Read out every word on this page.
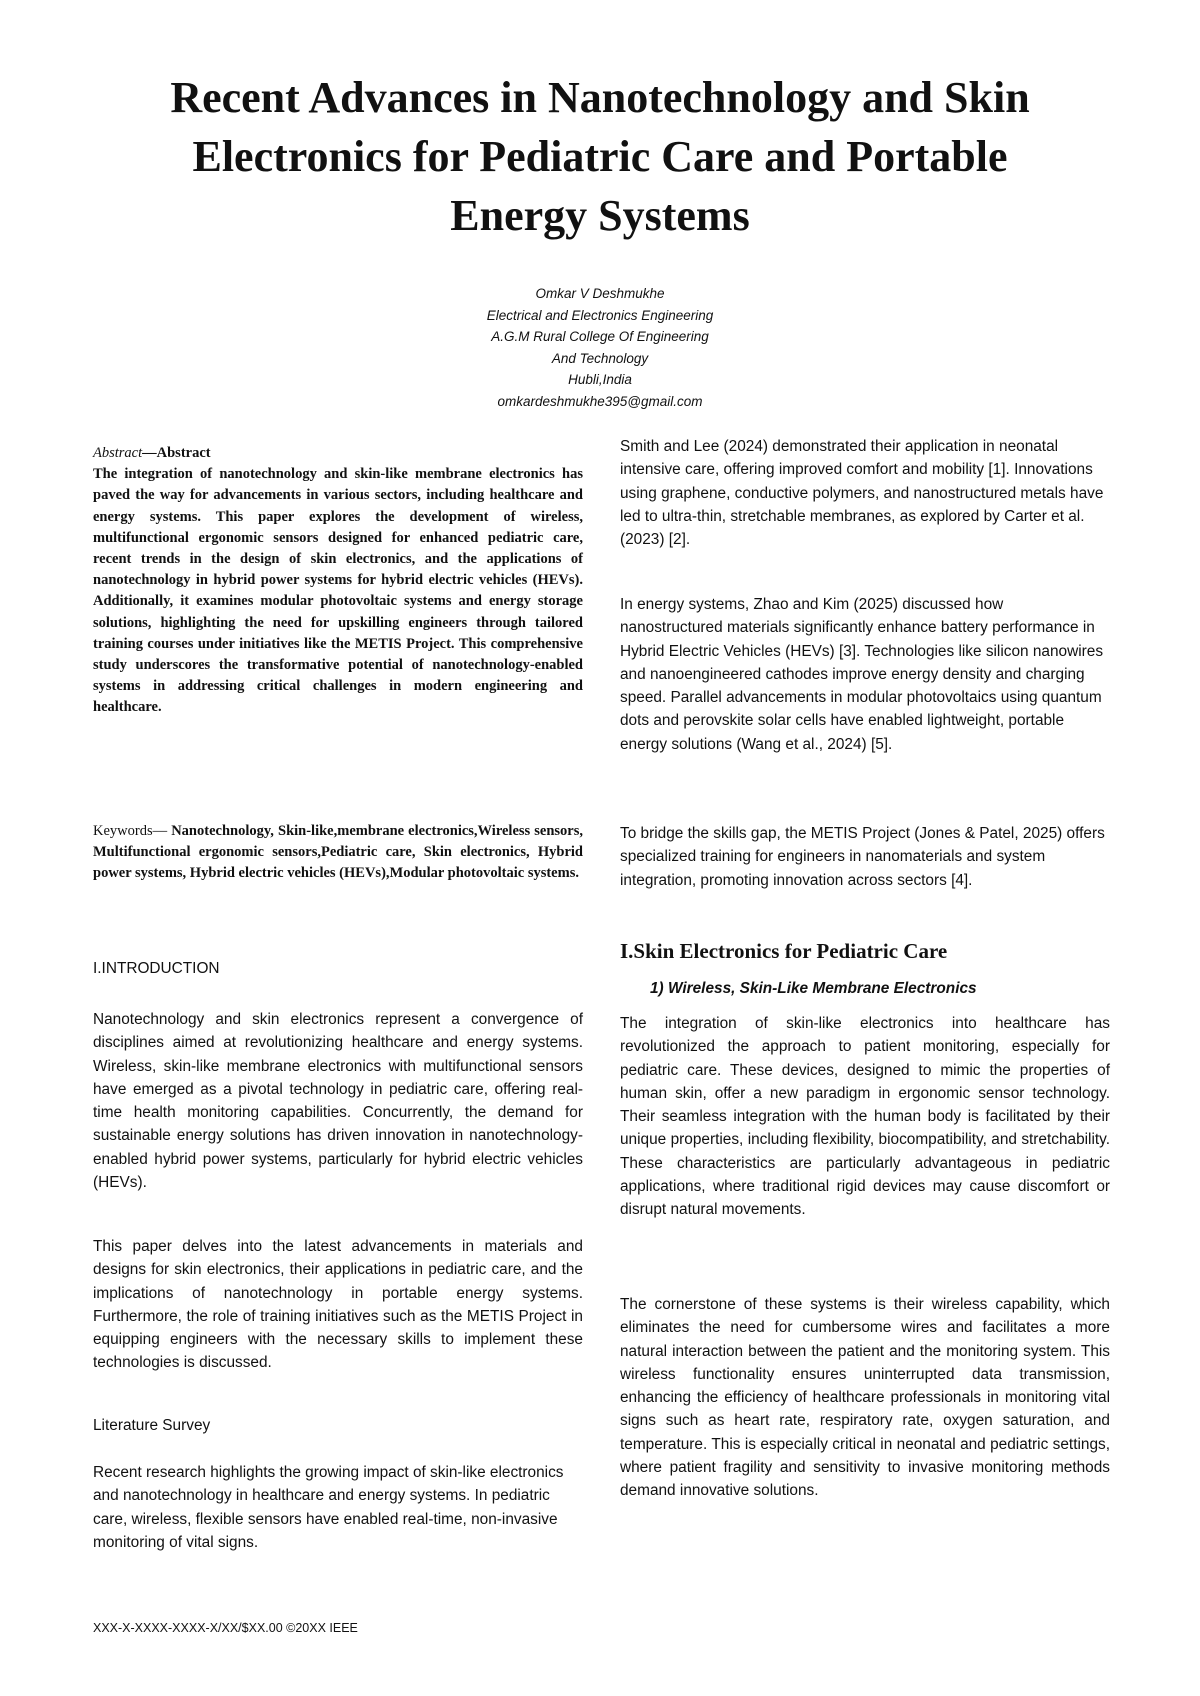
Recent Advances in Nanotechnology and Skin
Electronics for Pediatric Care and Portable
Energy Systems
Omkar V Deshmukhe
Electrical and Electronics Engineering
A.G.M Rural College Of Engineering
And Technology
Hubli,India
omkardeshmukhe395@gmail.com

Abstract—Abstract
The integration of nanotechnology and skin-like membrane electronics has paved the way for advancements in various sectors, including healthcare and energy systems. This paper explores the development of wireless, multifunctional ergonomic sensors designed for enhanced pediatric care, recent trends in the design of skin electronics, and the applications of nanotechnology in hybrid power systems for hybrid electric vehicles (HEVs). Additionally, it examines modular photovoltaic systems and energy storage solutions, highlighting the need for upskilling engineers through tailored training courses under initiatives like the METIS Project. This comprehensive study underscores the transformative potential of nanotechnology-enabled systems in addressing critical challenges in modern engineering and healthcare.

Keywords— Nanotechnology, Skin-like,membrane electronics,Wireless sensors, Multifunctional ergonomic sensors,Pediatric care, Skin electronics, Hybrid power systems, Hybrid electric vehicles (HEVs),Modular photovoltaic systems.

I.INTRODUCTION

Nanotechnology and skin electronics represent a convergence of disciplines aimed at revolutionizing healthcare and energy systems. Wireless, skin-like membrane electronics with multifunctional sensors have emerged as a pivotal technology in pediatric care, offering real-time health monitoring capabilities. Concurrently, the demand for sustainable energy solutions has driven innovation in nanotechnology-enabled hybrid power systems, particularly for hybrid electric vehicles (HEVs).

This paper delves into the latest advancements in materials and designs for skin electronics, their applications in pediatric care, and the implications of nanotechnology in portable energy systems. Furthermore, the role of training initiatives such as the METIS Project in equipping engineers with the necessary skills to implement these technologies is discussed.

Literature Survey

Recent research highlights the growing impact of skin-like electronics and nanotechnology in healthcare and energy systems. In pediatric care, wireless, flexible sensors have enabled real-time, non-invasive monitoring of vital signs.

Smith and Lee (2024) demonstrated their application in neonatal intensive care, offering improved comfort and mobility [1]. Innovations using graphene, conductive polymers, and nanostructured metals have led to ultra-thin, stretchable membranes, as explored by Carter et al. (2023) [2].

In energy systems, Zhao and Kim (2025) discussed how nanostructured materials significantly enhance battery performance in Hybrid Electric Vehicles (HEVs) [3]. Technologies like silicon nanowires and nanoengineered cathodes improve energy density and charging speed. Parallel advancements in modular photovoltaics using quantum dots and perovskite solar cells have enabled lightweight, portable energy solutions (Wang et al., 2024) [5].

To bridge the skills gap, the METIS Project (Jones & Patel, 2025) offers specialized training for engineers in nanomaterials and system integration, promoting innovation across sectors [4].

I.Skin Electronics for Pediatric Care
1) Wireless, Skin-Like Membrane Electronics

The integration of skin-like electronics into healthcare has revolutionized the approach to patient monitoring, especially for pediatric care. These devices, designed to mimic the properties of human skin, offer a new paradigm in ergonomic sensor technology. Their seamless integration with the human body is facilitated by their unique properties, including flexibility, biocompatibility, and stretchability. These characteristics are particularly advantageous in pediatric applications, where traditional rigid devices may cause discomfort or disrupt natural movements.

The cornerstone of these systems is their wireless capability, which eliminates the need for cumbersome wires and facilitates a more natural interaction between the patient and the monitoring system. This wireless functionality ensures uninterrupted data transmission, enhancing the efficiency of healthcare professionals in monitoring vital signs such as heart rate, respiratory rate, oxygen saturation, and temperature. This is especially critical in neonatal and pediatric settings, where patient fragility and sensitivity to invasive monitoring methods demand innovative solutions.

XXX-X-XXXX-XXXX-X/XX/$XX.00 ©20XX IEEE
